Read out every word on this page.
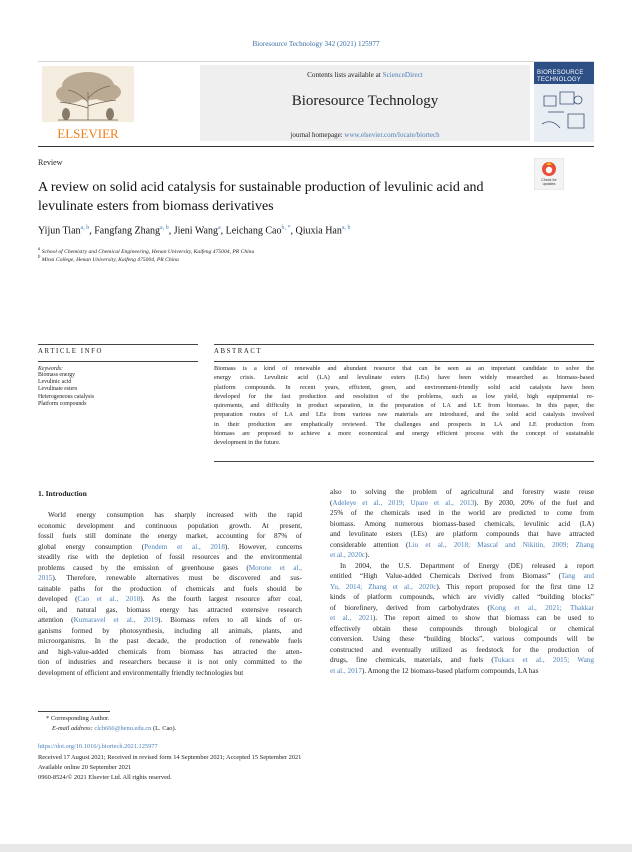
Bioresource Technology 342 (2021) 125977
ELSEVIER
Contents lists available at ScienceDirect
Bioresource Technology
journal homepage: www.elsevier.com/locate/biortech
BIORESOURCE TECHNOLOGY
Review
A review on solid acid catalysis for sustainable production of levulinic acid and levulinate esters from biomass derivatives
Check for updates
Yijun Tian$^{a, b}$, Fangfang Zhang$^{a, b}$, Jieni Wang$^a$, Leichang Cao$^{b, *}$, Qiuxia Han$^{a, b}$
$^a$ School of Chemistry and Chemical Engineering, Henan University, Kaifeng 475004, PR China
$^b$ Minsi College, Henan University, Kaifeng 475004, PR China
ARTICLE INFO	ABSTRACT
Keywords:
Biomass energy
Levulinic acid
Levulinate esters
Heterogeneous catalysis
Platform compounds
Biomass is a kind of renewable and abundant resource that can be seen as an important candidate to solve the
energy crisis. Levulinic acid (LA) and levulinate esters (LEs) have been widely researched as biomass-based
platform compounds. In recent years, efficient, green, and environment-friendly solid acid catalysts have been
developed for the fast production and resolution of the problems, such as low yield, high equipmental re-
quirements, and difficulty in product separation, in the preparation of LA and LE from biomass. In this paper, the
preparation routes of LA and LEs from various raw materials are introduced, and the solid acid catalysts involved
in their production are emphatically reviewed. The challenges and prospects in LA and LE production from
biomass are proposed to achieve a more economical and energy efficient process with the concept of sustainable
development in the future.
1. Introduction
World energy consumption has sharply increased with the rapid
economic development and continuous population growth. At present,
fossil fuels still dominate the energy market, accounting for 87% of
global energy consumption (Pendem et al., 2018). However, concerns
steadily rise with the depletion of fossil resources and the environmental
problems caused by the emission of greenhouse gases (Morone et al.,
2015). Therefore, renewable alternatives must be discovered and sus-
tainable paths for the production of chemicals and fuels should be
developed (Cao et al., 2018). As the fourth largest resource after coal,
oil, and natural gas, biomass energy has attracted extensive research
attention (Kumaravel et al., 2019). Biomass refers to all kinds of or-
ganisms formed by photosynthesis, including all animals, plants, and
microorganisms. In the past decade, the production of renewable fuels
and high-value-added chemicals from biomass has attracted the atten-
tion of industries and researchers because it is not only committed to the
development of efficient and environmentally friendly technologies but
also to solving the problem of agricultural and forestry waste reuse
(Adeleye et al., 2019; Upare et al., 2013). By 2030, 20% of the fuel and
25% of the chemicals used in the world are predicted to come from
biomass. Among numerous biomass-based chemicals, levulinic acid (LA)
and levulinate esters (LEs) are platform compounds that have attracted
considerable attention (Liu et al., 2018; Mascal and Nikitin, 2009; Zhang
et al., 2020c).
In 2004, the U.S. Department of Energy (DE) released a report
entitled “High Value-added Chemicals Derived from Biomass” (Tang and
Yu, 2014; Zhang et al., 2020c). This report proposed for the first time 12
kinds of platform compounds, which are vividly called “building blocks”
of biorefinery, derived from carbohydrates (Kong et al., 2021; Thakkar
et al., 2021). The report aimed to show that biomass can be used to
effectively obtain these compounds through biological or chemical
conversion. Using these “building blocks”, various compounds will be
constructed and eventually utilized as feedstock for the production of
drugs, fine chemicals, materials, and fuels (Tukacs et al., 2015; Wang
et al., 2017). Among the 12 biomass-based platform compounds, LA has
* Corresponding Author.
E-mail address: clch666@henu.edu.cn (L. Cao).
https://doi.org/10.1016/j.biortech.2021.125977
Received 17 August 2021; Received in revised form 14 September 2021; Accepted 15 September 2021
Available online 20 September 2021
0960-8524/© 2021 Elsevier Ltd. All rights reserved.
